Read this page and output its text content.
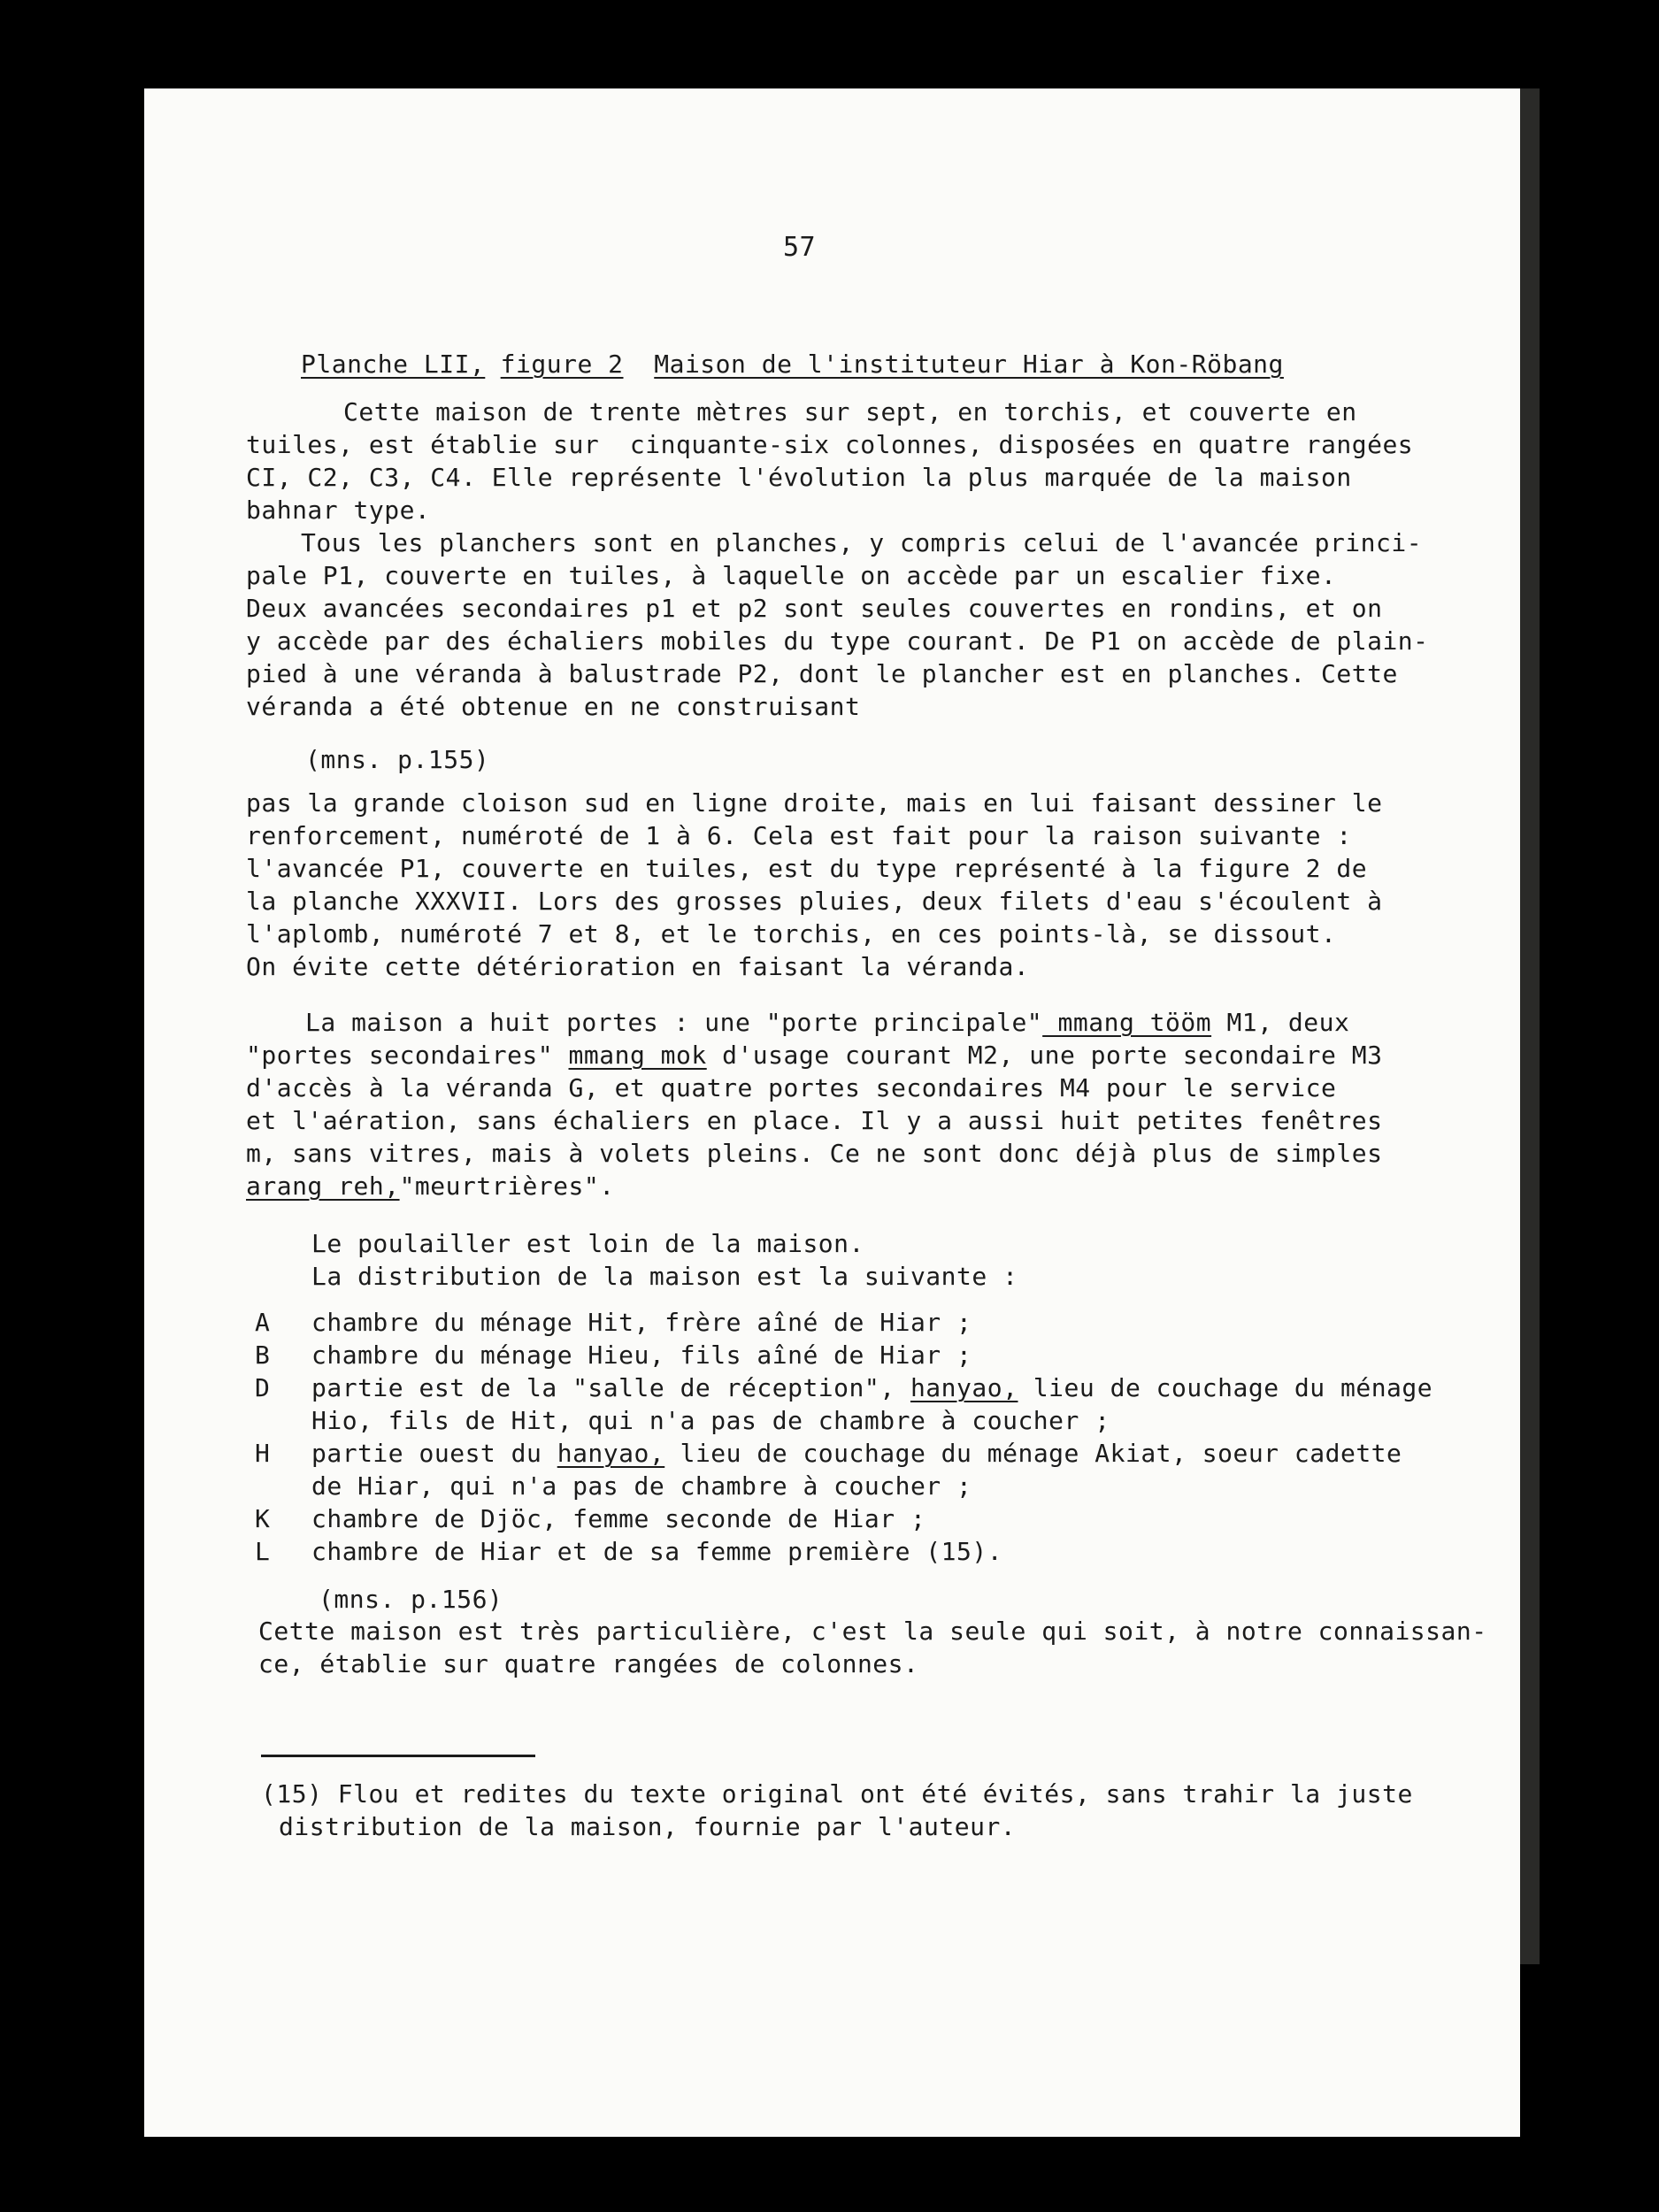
57
Planche LII, figure 2 Maison de l'instituteur Hiar à Kon-Röbang
Cette maison de trente mètres sur sept, en torchis, et couverte en
tuiles, est établie sur  cinquante-six colonnes, disposées en quatre rangées
CI, C2, C3, C4. Elle représente l'évolution la plus marquée de la maison
bahnar type.
Tous les planchers sont en planches, y compris celui de l'avancée princi-
pale P1, couverte en tuiles, à laquelle on accède par un escalier fixe.
Deux avancées secondaires p1 et p2 sont seules couvertes en rondins, et on
y accède par des échaliers mobiles du type courant. De P1 on accède de plain-
pied à une véranda à balustrade P2, dont le plancher est en planches. Cette
véranda a été obtenue en ne construisant
(mns. p.155)
pas la grande cloison sud en ligne droite, mais en lui faisant dessiner le
renforcement, numéroté de 1 à 6. Cela est fait pour la raison suivante :
l'avancée P1, couverte en tuiles, est du type représenté à la figure 2 de
la planche XXXVII. Lors des grosses pluies, deux filets d'eau s'écoulent à
l'aplomb, numéroté 7 et 8, et le torchis, en ces points-là, se dissout.
On évite cette détérioration en faisant la véranda.
La maison a huit portes : une "porte principale" mmang tööm M1, deux
"portes secondaires" mmang mok d'usage courant M2, une porte secondaire M3
d'accès à la véranda G, et quatre portes secondaires M4 pour le service
et l'aération, sans échaliers en place. Il y a aussi huit petites fenêtres
m, sans vitres, mais à volets pleins. Ce ne sont donc déjà plus de simples
arang reh,"meurtrières".
Le poulailler est loin de la maison.
La distribution de la maison est la suivante :
A chambre du ménage Hit, frère aîné de Hiar ;
B chambre du ménage Hieu, fils aîné de Hiar ;
D partie est de la "salle de réception", hanyao, lieu de couchage du ménage
Hio, fils de Hit, qui n'a pas de chambre à coucher ;
H partie ouest du hanyao, lieu de couchage du ménage Akiat, soeur cadette
de Hiar, qui n'a pas de chambre à coucher ;
K chambre de Djöc, femme seconde de Hiar ;
L chambre de Hiar et de sa femme première (15).
(mns. p.156)
Cette maison est très particulière, c'est la seule qui soit, à notre connaissan-
ce, établie sur quatre rangées de colonnes.
(15) Flou et redites du texte original ont été évités, sans trahir la juste
distribution de la maison, fournie par l'auteur.
